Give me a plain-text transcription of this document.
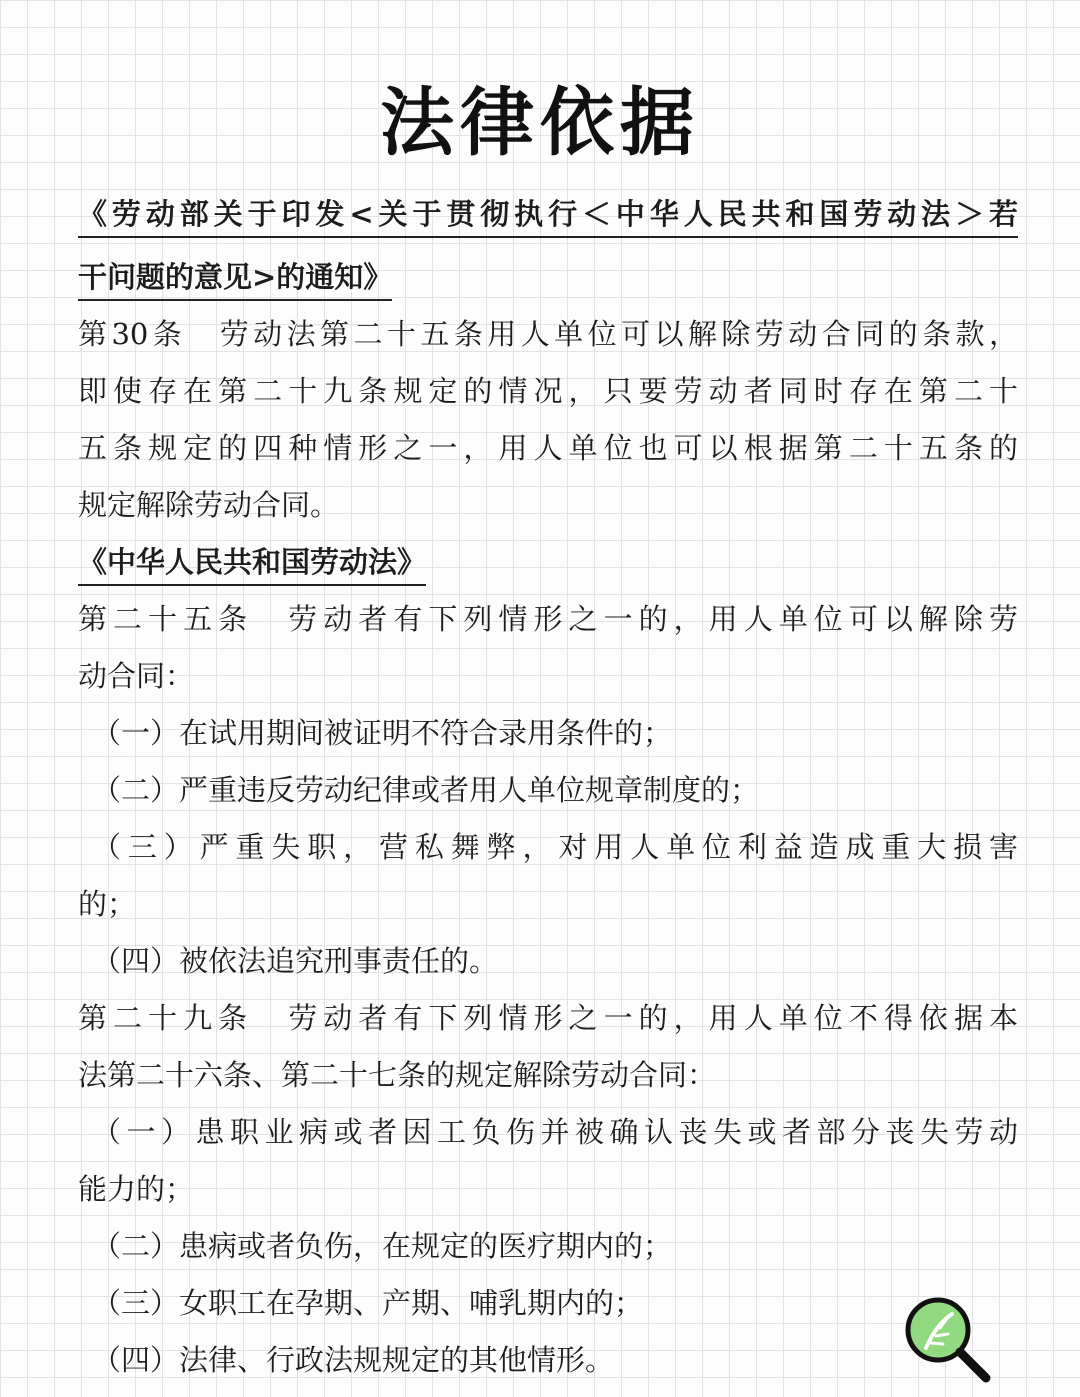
法律依据
《劳动部关于印发<关于贯彻执行＜中华人民共和国劳动法＞若
干问题的意见>的通知》
第30条　劳动法第二十五条用人单位可以解除劳动合同的条款，
即使存在第二十九条规定的情况，只要劳动者同时存在第二十
五条规定的四种情形之一，用人单位也可以根据第二十五条的
规定解除劳动合同。
《中华人民共和国劳动法》
第二十五条　劳动者有下列情形之一的，用人单位可以解除劳
动合同：
（一）在试用期间被证明不符合录用条件的；
（二）严重违反劳动纪律或者用人单位规章制度的；
（三）严重失职，营私舞弊，对用人单位利益造成重大损害
的；
（四）被依法追究刑事责任的。
第二十九条　劳动者有下列情形之一的，用人单位不得依据本
法第二十六条、第二十七条的规定解除劳动合同：
（一）患职业病或者因工负伤并被确认丧失或者部分丧失劳动
能力的；
（二）患病或者负伤，在规定的医疗期内的；
（三）女职工在孕期、产期、哺乳期内的；
（四）法律、行政法规规定的其他情形。
